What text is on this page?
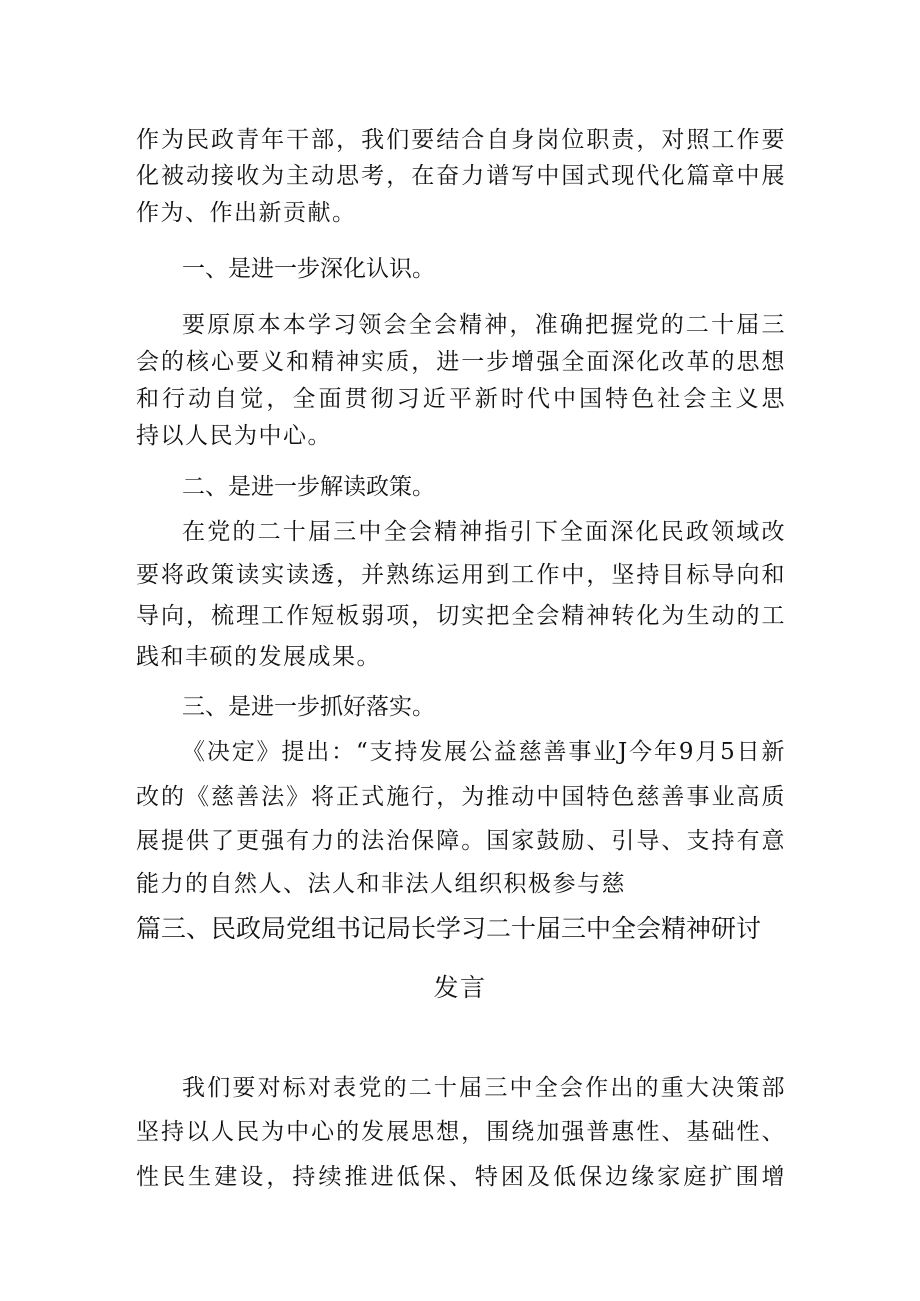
作为民政青年干部，我们要结合自身岗位职责，对照工作要
化被动接收为主动思考，在奋力谱写中国式现代化篇章中展
作为、作出新贡献。
一、是进一步深化认识。
要原原本本学习领会全会精神，准确把握党的二十届三
会的核心要义和精神实质，进一步增强全面深化改革的思想
和行动自觉，全面贯彻习近平新时代中国特色社会主义思
持以人民为中心。
二、是进一步解读政策。
在党的二十届三中全会精神指引下全面深化民政领域改
要将政策读实读透，并熟练运用到工作中，坚持目标导向和
导向，梳理工作短板弱项，切实把全会精神转化为生动的工
践和丰硕的发展成果。
三、是进一步抓好落实。
《决定》提出：“支持发展公益慈善事业J今年9月5日新
改的《慈善法》将正式施行，为推动中国特色慈善事业高质
展提供了更强有力的法治保障。国家鼓励、引导、支持有意
能力的自然人、法人和非法人组织积极参与慈
篇三、民政局党组书记局长学习二十届三中全会精神研讨
发言
我们要对标对表党的二十届三中全会作出的重大决策部
坚持以人民为中心的发展思想，围绕加强普惠性、基础性、
性民生建设，持续推进低保、特困及低保边缘家庭扩围增
